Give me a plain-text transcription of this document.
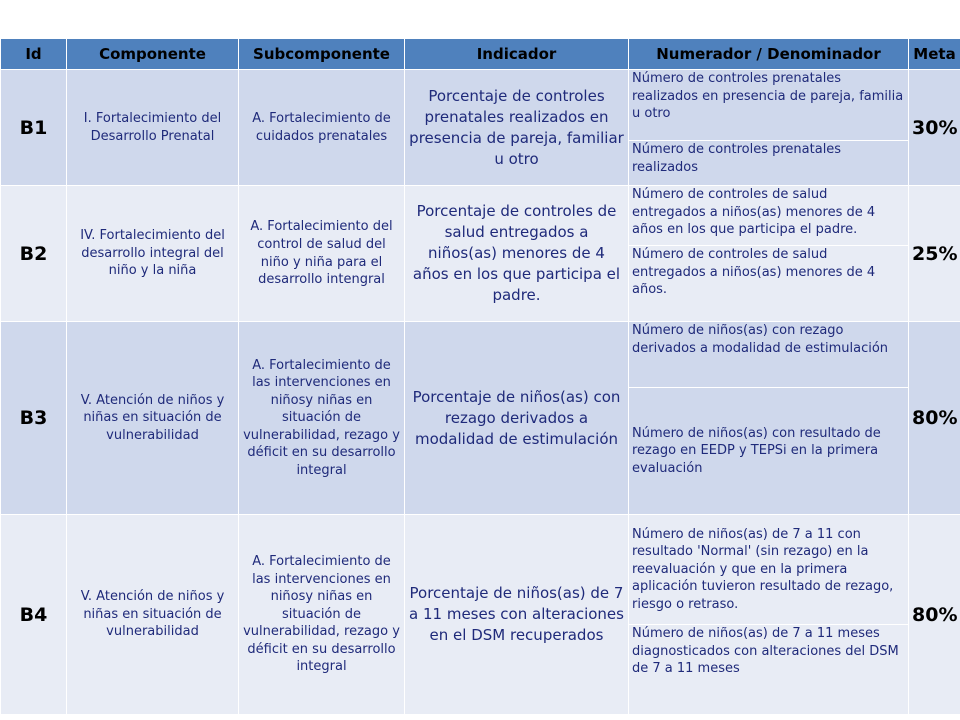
Id	Componente	Subcomponente	Indicador	Numerador / Denominador	Meta
B1	I. Fortalecimiento del Desarrollo Prenatal	A. Fortalecimiento de cuidados prenatales	Porcentaje de controles prenatales realizados en presencia de pareja, familiar u otro	Número de controles prenatales realizados en presencia de pareja, familia u otro	30%
				Número de controles prenatales realizados	
B2	IV. Fortalecimiento del desarrollo integral del niño y la niña	A. Fortalecimiento del control de salud del niño y niña para el desarrollo intengral	Porcentaje de controles de salud entregados a niños(as) menores de 4 años en los que participa el padre.	Número de controles de salud entregados a niños(as) menores de 4 años en los que participa el padre.	25%
				Número de controles de salud entregados a niños(as) menores de 4 años.	
B3	V. Atención de niños y niñas en situación de vulnerabilidad	A. Fortalecimiento de las intervenciones en niñosy niñas en situación de vulnerabilidad, rezago y déficit en su desarrollo integral	Porcentaje de niños(as) con rezago derivados a modalidad de estimulación	Número de niños(as) con rezago derivados a modalidad de estimulación	80%
				Número de niños(as) con resultado de rezago en EEDP y TEPSi en la primera evaluación	
B4	V. Atención de niños y niñas en situación de vulnerabilidad	A. Fortalecimiento de las intervenciones en niñosy niñas en situación de vulnerabilidad, rezago y déficit en su desarrollo integral	Porcentaje de niños(as) de 7 a 11 meses con alteraciones en el DSM recuperados	Número de niños(as) de 7 a 11 con resultado 'Normal' (sin rezago) en la reevaluación y que en la primera aplicación tuvieron resultado de rezago, riesgo o retraso.	80%
				Número de niños(as) de 7 a 11 meses diagnosticados con alteraciones del DSM de 7 a 11 meses	
